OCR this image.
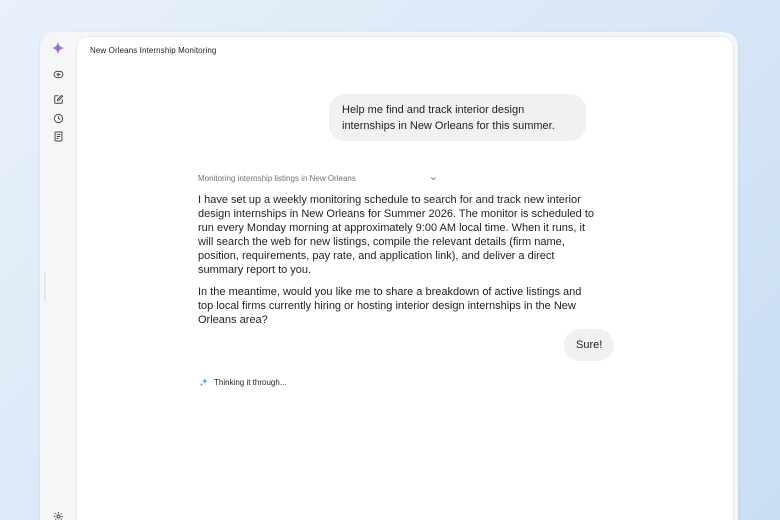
New Orleans Internship Monitoring
Help me find and track interior design internships in New Orleans for this summer.
Monitoring internship listings in New Orleans

I have set up a weekly monitoring schedule to search for and track new interior design internships in New Orleans for Summer 2026. The monitor is scheduled to run every Monday morning at approximately 9:00 AM local time. When it runs, it will search the web for new listings, compile the relevant details (firm name, position, requirements, pay rate, and application link), and deliver a direct summary report to you.

In the meantime, would you like me to share a breakdown of active listings and top local firms currently hiring or hosting interior design internships in the New Orleans area?

Sure!
Thinking it through...
